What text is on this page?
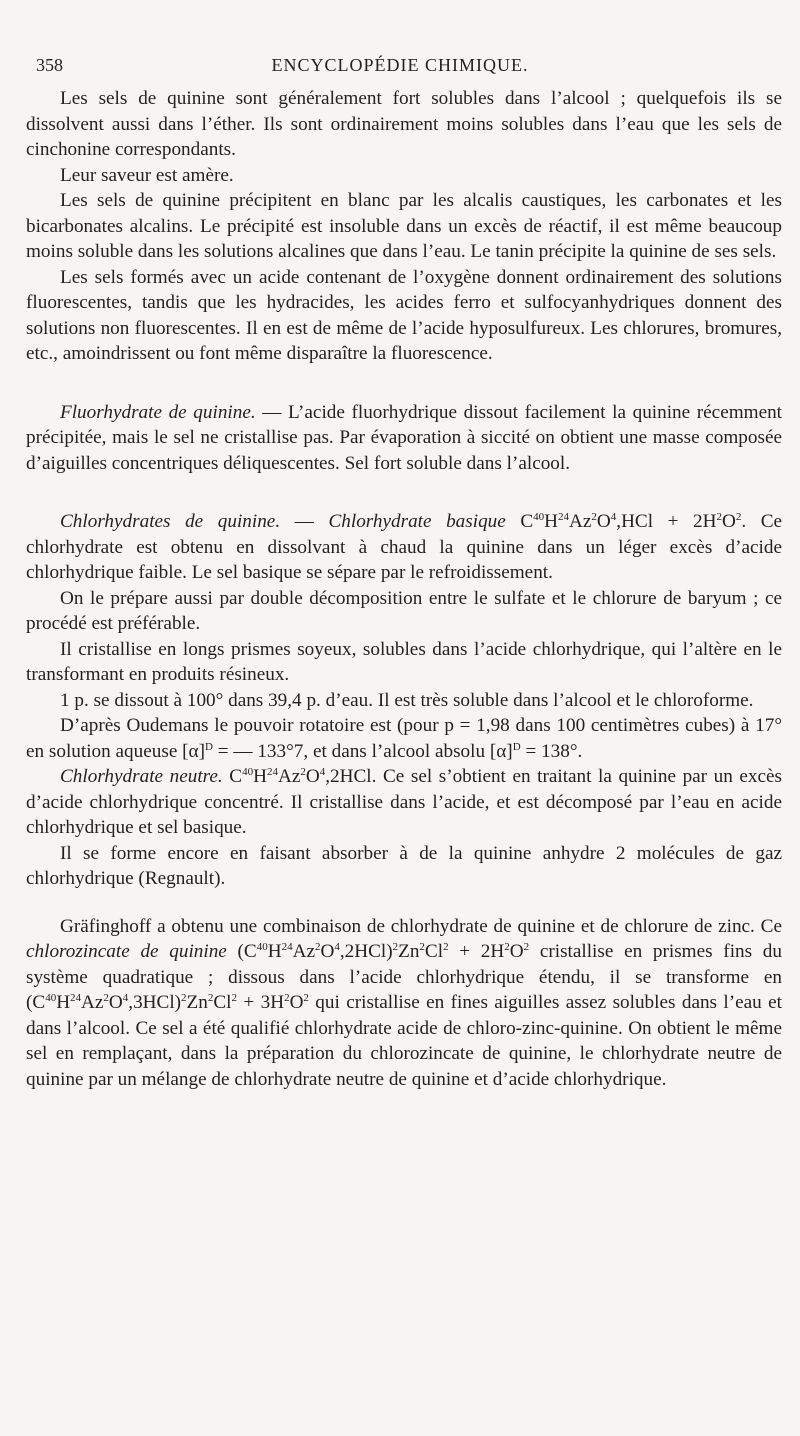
358	ENCYCLOPÉDIE CHIMIQUE.

Les sels de quinine sont généralement fort solubles dans l’alcool ; quelquefois ils se dissolvent aussi dans l’éther. Ils sont ordinairement moins solubles dans l’eau que les sels de cinchonine correspondants.

Leur saveur est amère.

Les sels de quinine précipitent en blanc par les alcalis caustiques, les carbonates et les bicarbonates alcalins. Le précipité est insoluble dans un excès de réactif, il est même beaucoup moins soluble dans les solutions alcalines que dans l’eau. Le tanin précipite la quinine de ses sels.

Les sels formés avec un acide contenant de l’oxygène donnent ordinairement des solutions fluorescentes, tandis que les hydracides, les acides ferro et sulfocyanhydriques donnent des solutions non fluorescentes. Il en est de même de l’acide hyposulfureux. Les chlorures, bromures, etc., amoindrissent ou font même disparaître la fluorescence.

Fluorhydrate de quinine. — L’acide fluorhydrique dissout facilement la quinine récemment précipitée, mais le sel ne cristallise pas. Par évaporation à siccité on obtient une masse composée d’aiguilles concentriques déliquescentes. Sel fort soluble dans l’alcool.

Chlorhydrates de quinine. — Chlorhydrate basique $C^{40}H^{24}Az^2O^4,HCl + 2H^2O^2$. Ce chlorhydrate est obtenu en dissolvant à chaud la quinine dans un léger excès d’acide chlorhydrique faible. Le sel basique se sépare par le refroidissement.

On le prépare aussi par double décomposition entre le sulfate et le chlorure de baryum ; ce procédé est préférable.

Il cristallise en longs prismes soyeux, solubles dans l’acide chlorhydrique, qui l’altère en le transformant en produits résineux.

1 p. se dissout à 100° dans 39,4 p. d’eau. Il est très soluble dans l’alcool et le chloroforme.

D’après Oudemans le pouvoir rotatoire est (pour p = 1,98 dans 100 centimètres cubes) à 17° en solution aqueuse $[\alpha]^D$ = — 133°7, et dans l’alcool absolu $[\alpha]^D = 138^\circ$.

Chlorhydrate neutre. $C^{40}H^{24}Az^2O^4,2HCl$. Ce sel s’obtient en traitant la quinine par un excès d’acide chlorhydrique concentré. Il cristallise dans l’acide, et est décomposé par l’eau en acide chlorhydrique et sel basique.

Il se forme encore en faisant absorber à de la quinine anhydre 2 molécules de gaz chlorhydrique (Regnault).

Gräfinghoff a obtenu une combinaison de chlorhydrate de quinine et de chlorure de zinc. Ce chlorozincate de quinine $(C^{40}H^{24}Az^2O^4,2HCl)^2Zn^2Cl^2 + 2H^2O^2$ cristallise en prismes fins du système quadratique ; dissous dans l’acide chlorhydrique étendu, il se transforme en $(C^{40}H^{24}Az^2O^4,3HCl)^2Zn^2Cl^2 + 3H^2O^2$ qui cristallise en fines aiguilles assez solubles dans l’eau et dans l’alcool. Ce sel a été qualifié chlorhydrate acide de chloro-zinc-quinine. On obtient le même sel en remplaçant, dans la préparation du chlorozincate de quinine, le chlorhydrate neutre de quinine par un mélange de chlorhydrate neutre de quinine et d’acide chlorhydrique.
